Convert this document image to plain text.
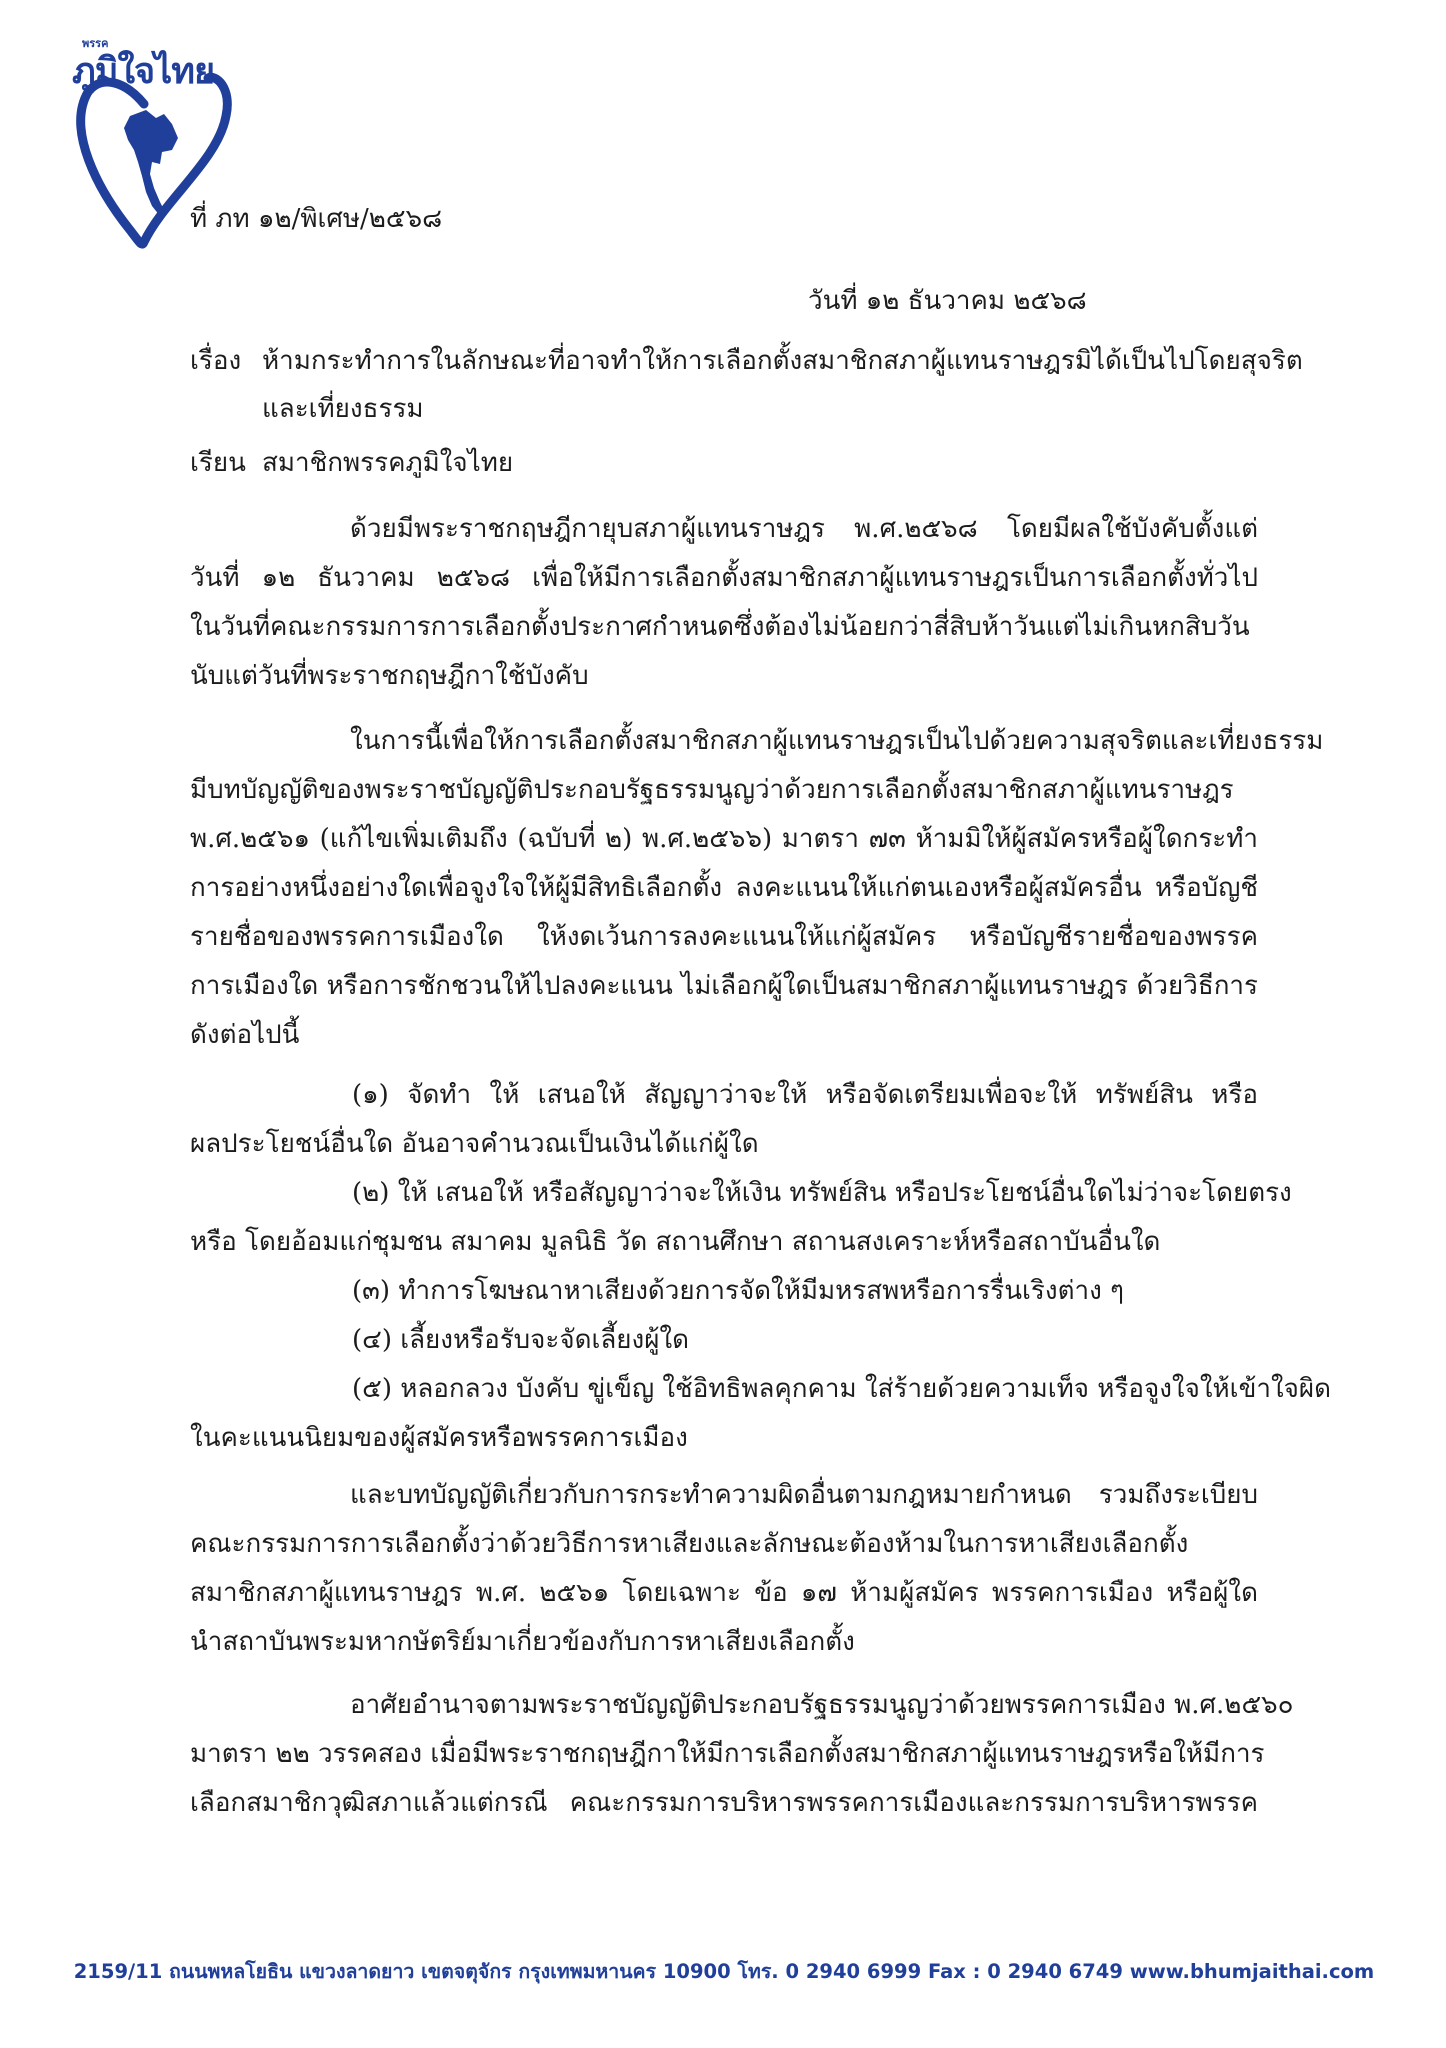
พรรค
ภูมิใจไทย
ที่ ภท ๑๒/พิเศษ/๒๕๖๘
วันที่ ๑๒ ธันวาคม ๒๕๖๘
เรื่อง ห้ามกระทำการในลักษณะที่อาจทำให้การเลือกตั้งสมาชิกสภาผู้แทนราษฎรมิได้เป็นไปโดยสุจริต
และเที่ยงธรรม
เรียน สมาชิกพรรคภูมิใจไทย
ด้วยมีพระราชกฤษฎีกายุบสภาผู้แทนราษฎร พ.ศ.๒๕๖๘ โดยมีผลใช้บังคับตั้งแต่
วันที่ ๑๒ ธันวาคม ๒๕๖๘ เพื่อให้มีการเลือกตั้งสมาชิกสภาผู้แทนราษฎรเป็นการเลือกตั้งทั่วไป
ในวันที่คณะกรรมการการเลือกตั้งประกาศกำหนดซึ่งต้องไม่น้อยกว่าสี่สิบห้าวันแต่ไม่เกินหกสิบวัน
นับแต่วันที่พระราชกฤษฎีกาใช้บังคับ
ในการนี้เพื่อให้การเลือกตั้งสมาชิกสภาผู้แทนราษฎรเป็นไปด้วยความสุจริตและเที่ยงธรรม
มีบทบัญญัติของพระราชบัญญัติประกอบรัฐธรรมนูญว่าด้วยการเลือกตั้งสมาชิกสภาผู้แทนราษฎร
พ.ศ.๒๕๖๑ (แก้ไขเพิ่มเติมถึง (ฉบับที่ ๒) พ.ศ.๒๕๖๖) มาตรา ๗๓ ห้ามมิให้ผู้สมัครหรือผู้ใดกระทำ
การอย่างหนึ่งอย่างใดเพื่อจูงใจให้ผู้มีสิทธิเลือกตั้ง ลงคะแนนให้แก่ตนเองหรือผู้สมัครอื่น หรือบัญชี
รายชื่อของพรรคการเมืองใด ให้งดเว้นการลงคะแนนให้แก่ผู้สมัคร หรือบัญชีรายชื่อของพรรค
การเมืองใด หรือการชักชวนให้ไปลงคะแนน ไม่เลือกผู้ใดเป็นสมาชิกสภาผู้แทนราษฎร ด้วยวิธีการ
ดังต่อไปนี้
(๑) จัดทำ ให้ เสนอให้ สัญญาว่าจะให้ หรือจัดเตรียมเพื่อจะให้ ทรัพย์สิน หรือ
ผลประโยชน์อื่นใด อันอาจคำนวณเป็นเงินได้แก่ผู้ใด
(๒) ให้ เสนอให้ หรือสัญญาว่าจะให้เงิน ทรัพย์สิน หรือประโยชน์อื่นใดไม่ว่าจะโดยตรง
หรือ โดยอ้อมแก่ชุมชน สมาคม มูลนิธิ วัด สถานศึกษา สถานสงเคราะห์หรือสถาบันอื่นใด
(๓) ทำการโฆษณาหาเสียงด้วยการจัดให้มีมหรสพหรือการรื่นเริงต่าง ๆ
(๔) เลี้ยงหรือรับจะจัดเลี้ยงผู้ใด
(๕) หลอกลวง บังคับ ขู่เข็ญ ใช้อิทธิพลคุกคาม ใส่ร้ายด้วยความเท็จ หรือจูงใจให้เข้าใจผิด
ในคะแนนนิยมของผู้สมัครหรือพรรคการเมือง
และบทบัญญัติเกี่ยวกับการกระทำความผิดอื่นตามกฎหมายกำหนด รวมถึงระเบียบ
คณะกรรมการการเลือกตั้งว่าด้วยวิธีการหาเสียงและลักษณะต้องห้ามในการหาเสียงเลือกตั้ง
สมาชิกสภาผู้แทนราษฎร พ.ศ. ๒๕๖๑ โดยเฉพาะ ข้อ ๑๗ ห้ามผู้สมัคร พรรคการเมือง หรือผู้ใด
นำสถาบันพระมหากษัตริย์มาเกี่ยวข้องกับการหาเสียงเลือกตั้ง
อาศัยอำนาจตามพระราชบัญญัติประกอบรัฐธรรมนูญว่าด้วยพรรคการเมือง พ.ศ.๒๕๖๐
มาตรา ๒๒ วรรคสอง เมื่อมีพระราชกฤษฎีกาให้มีการเลือกตั้งสมาชิกสภาผู้แทนราษฎรหรือให้มีการ
เลือกสมาชิกวุฒิสภาแล้วแต่กรณี คณะกรรมการบริหารพรรคการเมืองและกรรมการบริหารพรรค
2159/11 ถนนพหลโยธิน แขวงลาดยาว เขตจตุจักร กรุงเทพมหานคร 10900 โทร. 0 2940 6999 Fax : 0 2940 6749 www.bhumjaithai.com
